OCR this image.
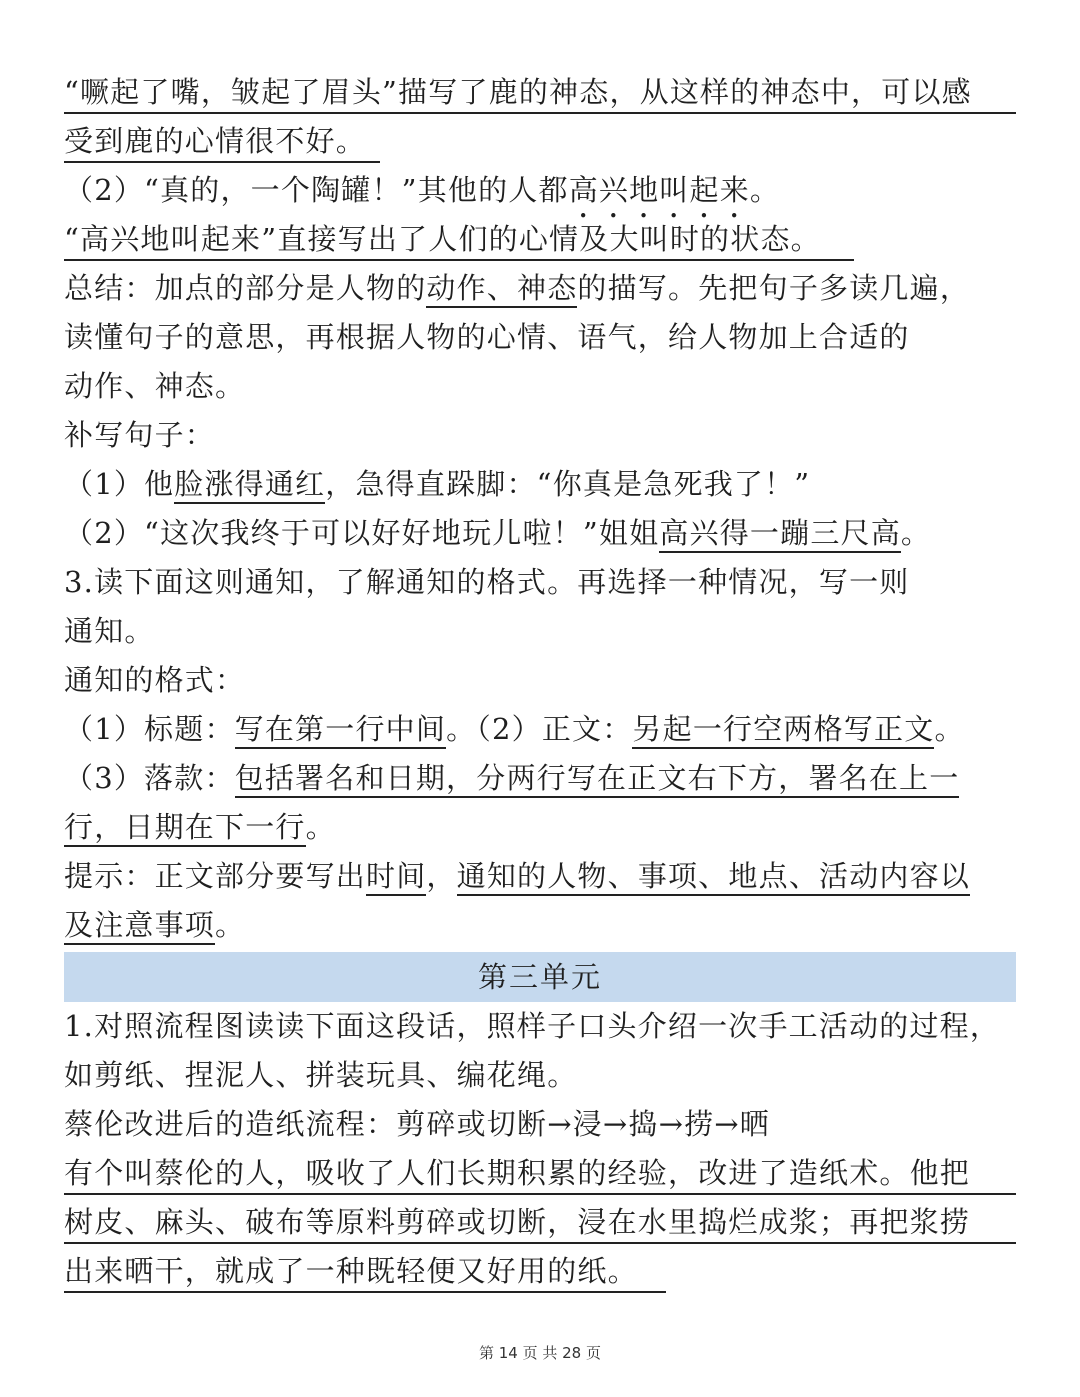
“噘起了嘴，皱起了眉头”描写了鹿的神态，从这样的神态中，可以感
受到鹿的心情很不好。
（2）“真的，一个陶罐！”其他的人都高兴地叫起来。
“高兴地叫起来”直接写出了人们的心情及大叫时的状态。
总结：加点的部分是人物的动作、神态的描写。先把句子多读几遍，
读懂句子的意思，再根据人物的心情、语气，给人物加上合适的
动作、神态。
补写句子：
（1）他脸涨得通红，急得直跺脚：“你真是急死我了！”
（2）“这次我终于可以好好地玩儿啦！”姐姐高兴得一蹦三尺高。
3.读下面这则通知，了解通知的格式。再选择一种情况，写一则
通知。
通知的格式：
（1）标题：写在第一行中间。（2）正文：另起一行空两格写正文。
（3）落款：包括署名和日期，分两行写在正文右下方，署名在上一
行，日期在下一行。
提示：正文部分要写出时间，通知的人物、事项、地点、活动内容以
及注意事项。
第三单元
1.对照流程图读读下面这段话，照样子口头介绍一次手工活动的过程，
如剪纸、捏泥人、拼装玩具、编花绳。
蔡伦改进后的造纸流程：剪碎或切断→浸→捣→捞→晒
有个叫蔡伦的人，吸收了人们长期积累的经验，改进了造纸术。他把
树皮、麻头、破布等原料剪碎或切断，浸在水里捣烂成浆；再把浆捞
出来晒干，就成了一种既轻便又好用的纸。
第 14 页 共 28 页
